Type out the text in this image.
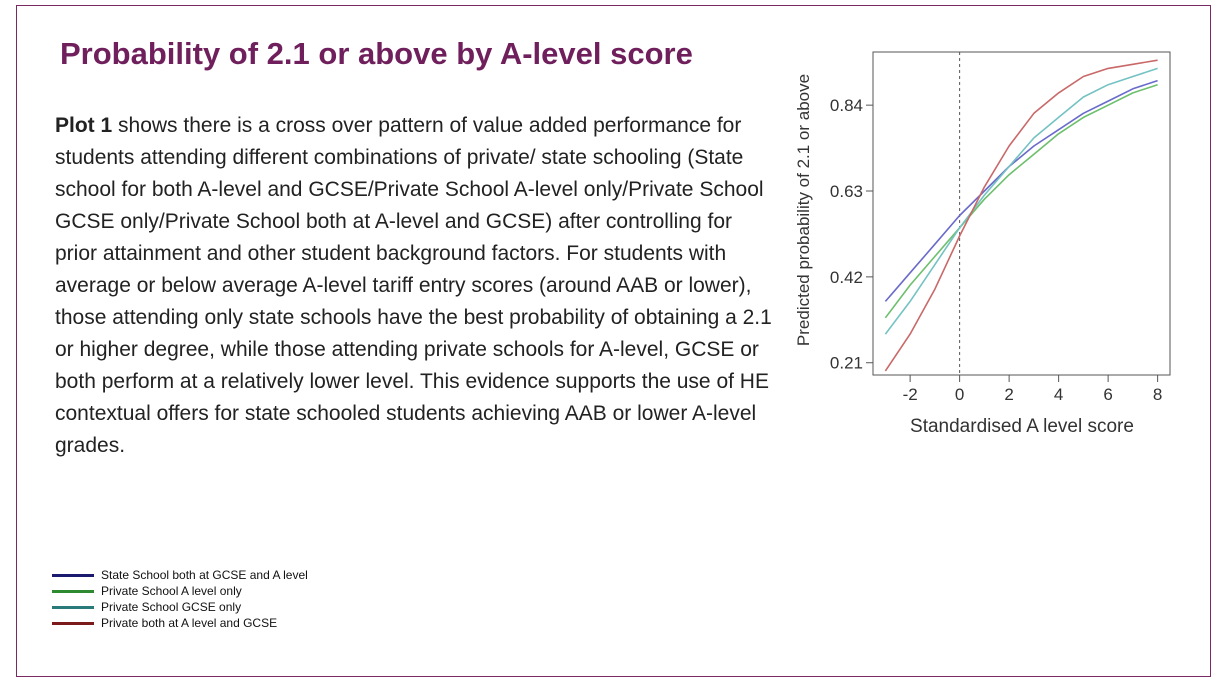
Probability of 2.1 or above by A-level score

Plot 1 shows there is a cross over pattern of value added performance for students attending different combinations of private/ state schooling (State school for both A-level and GCSE/Private School A-level only/Private School GCSE only/Private School both at A-level and GCSE) after controlling for prior attainment and other student background factors. For students with average or below average A-level tariff entry scores (around AAB or lower), those attending only state schools have the best probability of obtaining a 2.1 or higher degree, while those attending private schools for A-level, GCSE or both perform at a relatively lower level. This evidence supports the use of HE contextual offers for state schooled students achieving AAB or lower A-level grades.

0.21
0.42
0.63
0.84
-2 0 2 4 6 8
Predicted probability of 2.1 or above
Standardised A level score
State School both at GCSE and A level
Private School A level only
Private School GCSE only
Private both at A level and GCSE
